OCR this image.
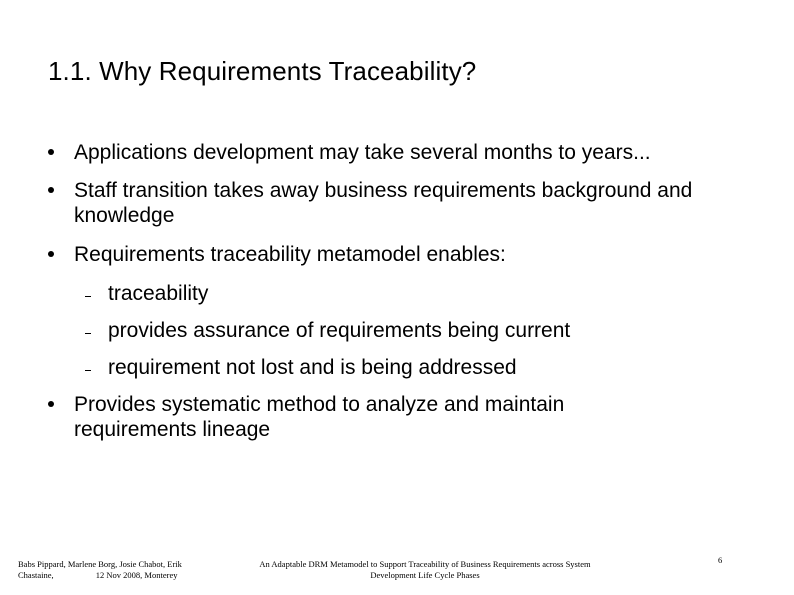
1.1. Why Requirements Traceability?
Applications development may take several months to years...
Staff transition takes away business requirements background and knowledge
Requirements traceability metamodel enables:
traceability
provides assurance of requirements being current
requirement not lost and is being addressed
Provides systematic method to analyze and maintain requirements lineage
Babs Pippard, Marlene Borg, Josie Chabot, Erik
Chastaine,	12 Nov 2008, Monterey
An Adaptable DRM Metamodel to Support Traceability of Business Requirements across System
Development Life Cycle Phases
6
